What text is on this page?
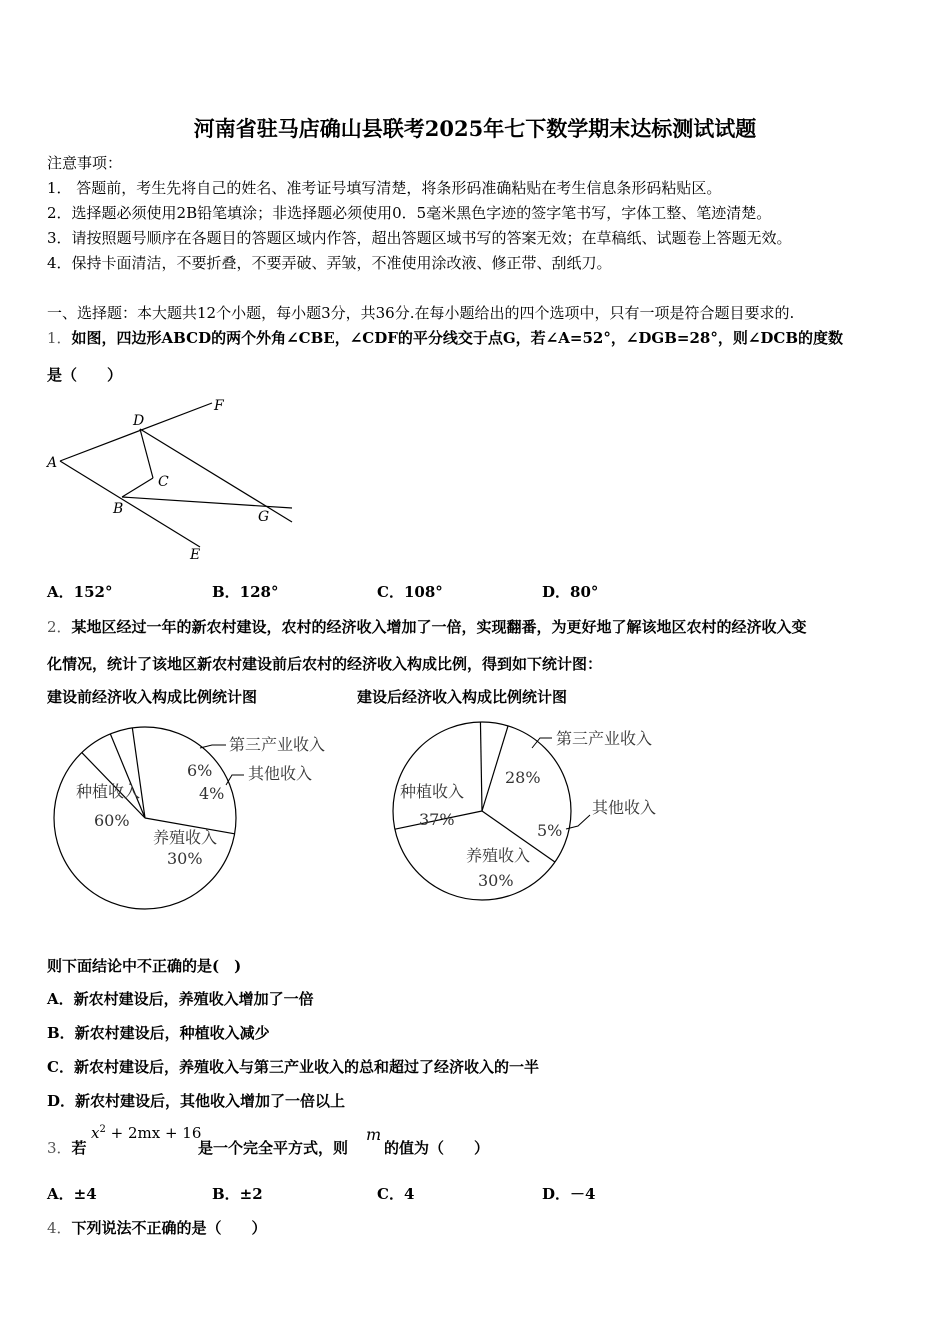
河南省驻马店确山县联考2025年七下数学期末达标测试试题
注意事项：
1． 答题前，考生先将自己的姓名、准考证号填写清楚，将条形码准确粘贴在考生信息条形码粘贴区。
2．选择题必须使用2B铅笔填涂；非选择题必须使用0．5毫米黑色字迹的签字笔书写，字体工整、笔迹清楚。
3．请按照题号顺序在各题目的答题区域内作答，超出答题区域书写的答案无效；在草稿纸、试题卷上答题无效。
4．保持卡面清洁，不要折叠，不要弄破、弄皱，不准使用涂改液、修正带、刮纸刀。
一、选择题：本大题共12个小题，每小题3分，共36分.在每小题给出的四个选项中，只有一项是符合题目要求的.
1．如图，四边形ABCD的两个外角∠CBE，∠CDF的平分线交于点G，若∠A=52°，∠DGB=28°，则∠DCB的度数
是（　　）
A
D
F
C
B	G
E
A．152°	B．128°	C．108°	D．80°
2．某地区经过一年的新农村建设，农村的经济收入增加了一倍，实现翻番，为更好地了解该地区农村的经济收入变
化情况，统计了该地区新农村建设前后农村的经济收入构成比例，得到如下统计图：
建设前经济收入构成比例统计图	建设后经济收入构成比例统计图
种植收入
60%
第三产业收入
6% 其他收入
4%
养殖收入
30%
种植收入
37%
第三产业收入
28%
其他收入
5%
养殖收入
30%
则下面结论中不正确的是(　)
A．新农村建设后，养殖收入增加了一倍
B．新农村建设后，种植收入减少
C．新农村建设后，养殖收入与第三产业收入的总和超过了经济收入的一半
D．新农村建设后，其他收入增加了一倍以上
3．若
$x^2 + 2mx + 16$
是一个完全平方式，则
m
的值为（　　）
A．±4	B．±2	C．4	D．－4
4．下列说法不正确的是（　　）
